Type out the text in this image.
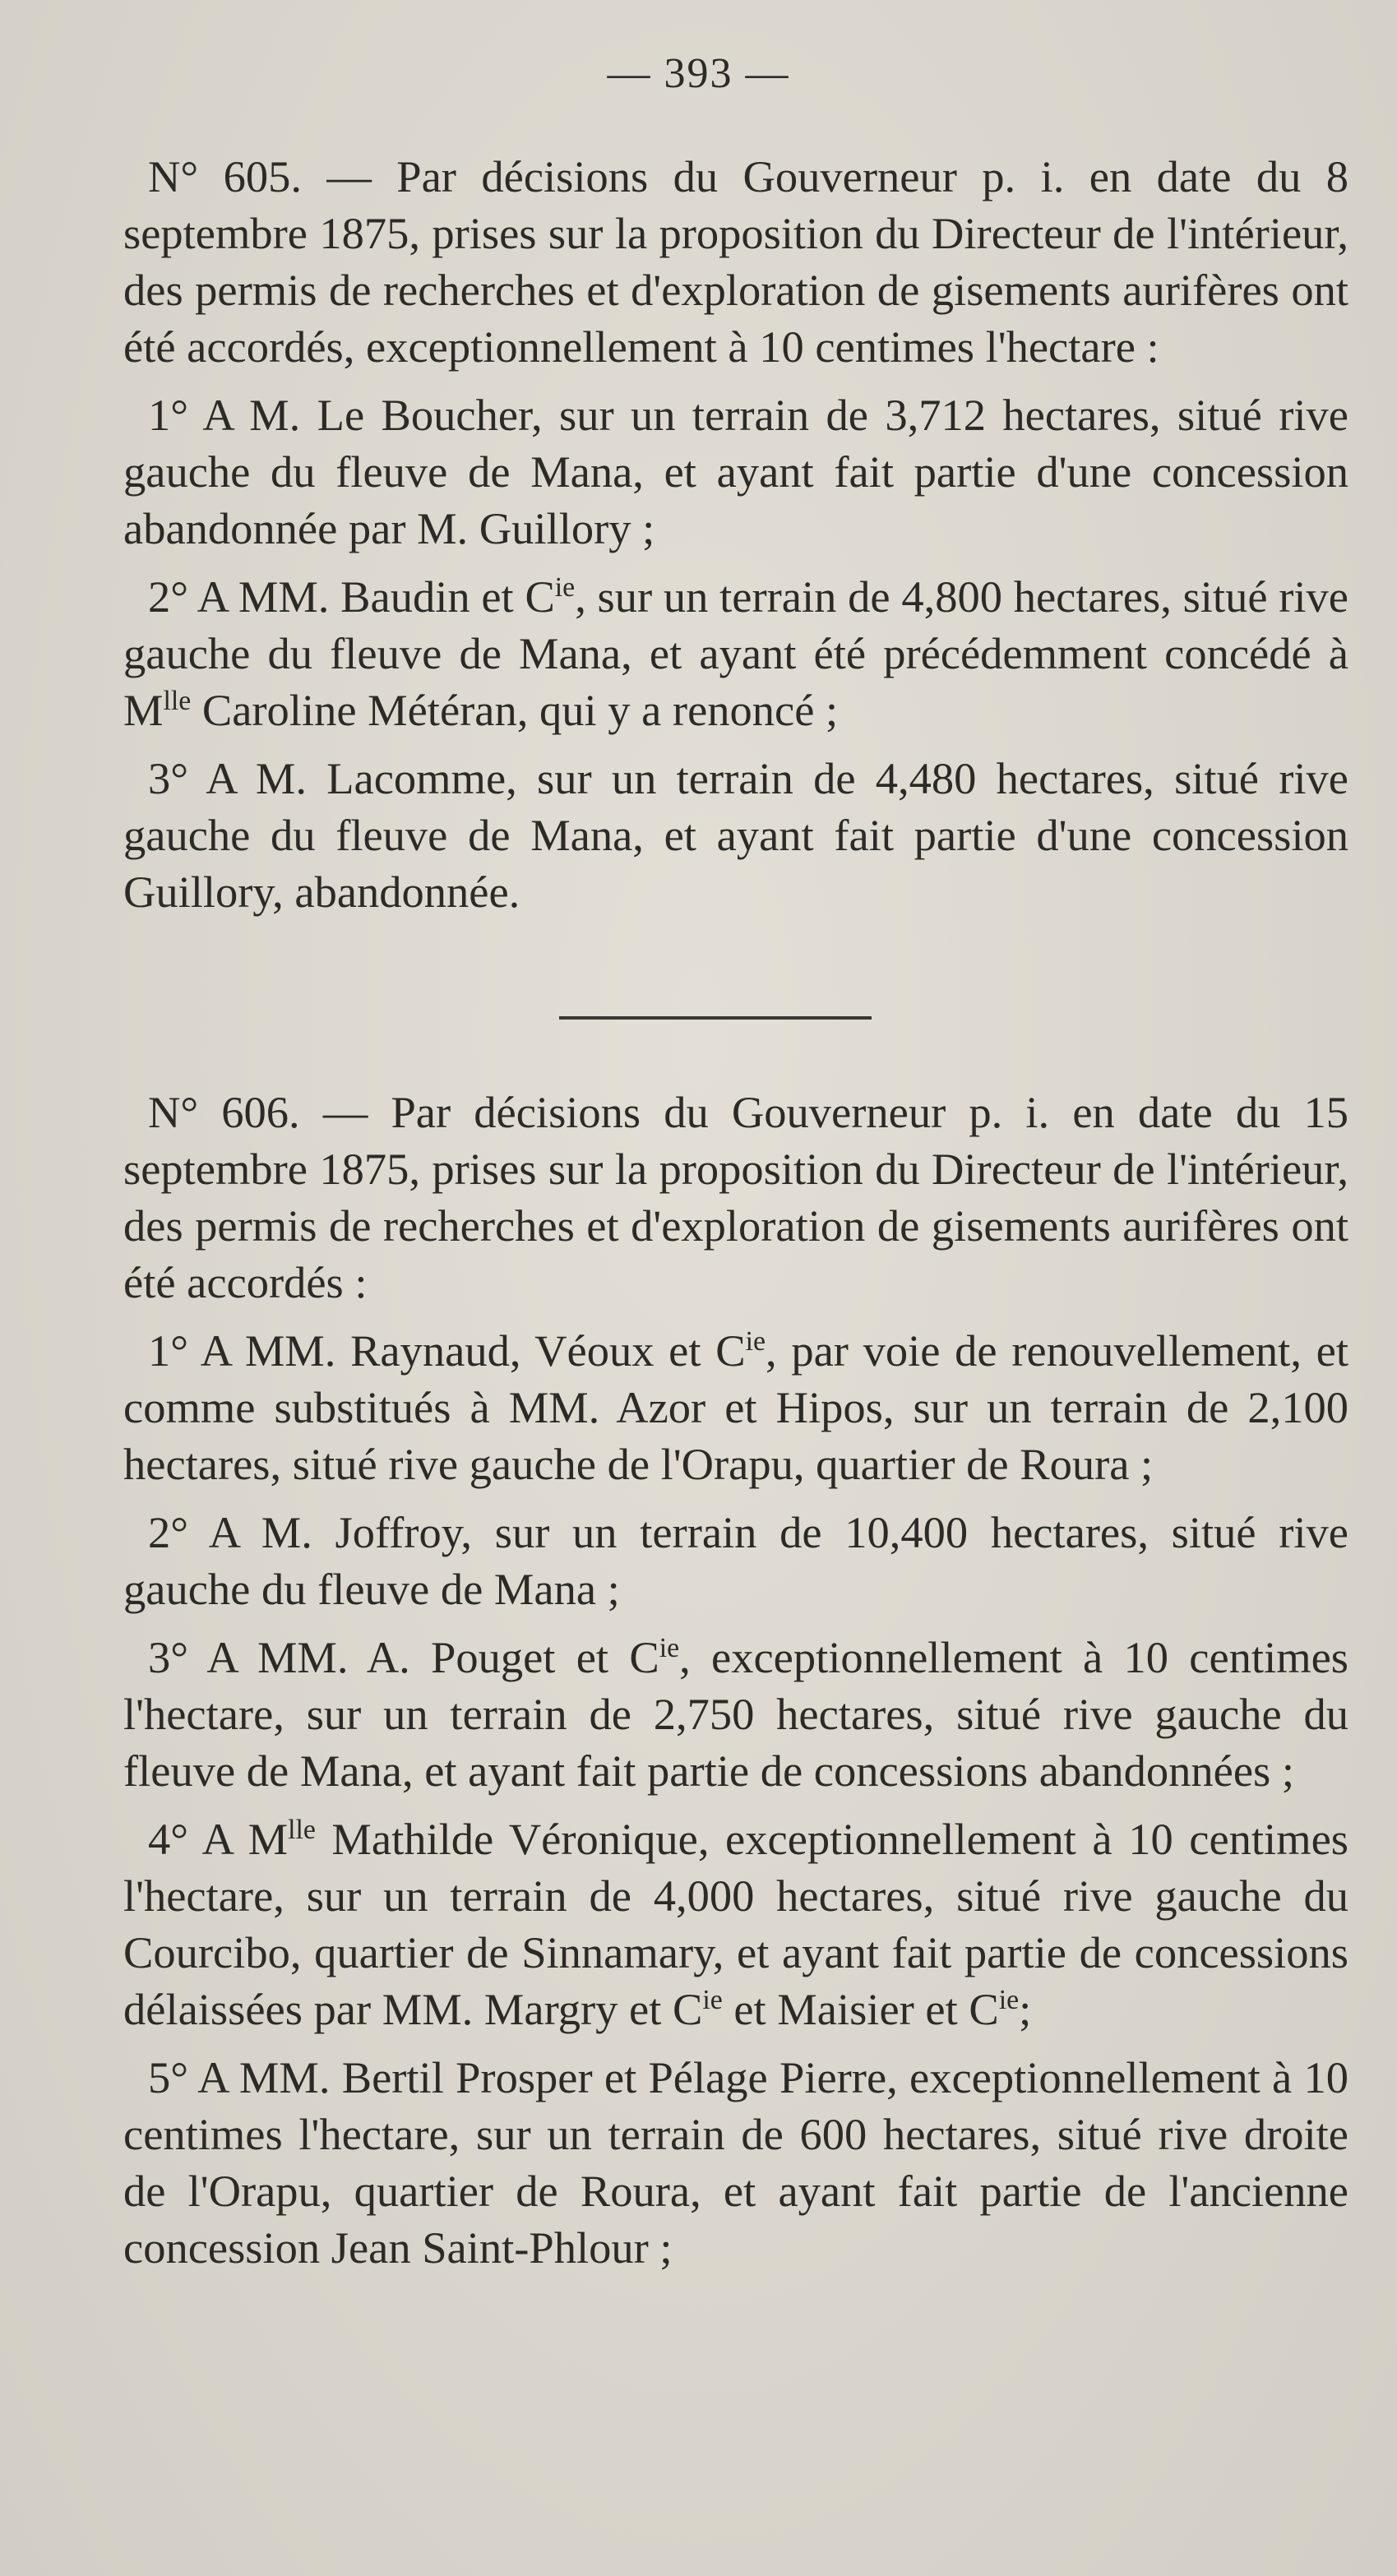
— 393 —

N° 605. — Par décisions du Gouverneur p. i. en date du 8 septembre 1875, prises sur la proposition du Directeur de l'intérieur, des permis de recherches et d'exploration de gisements aurifères ont été accordés, exceptionnellement à 10 centimes l'hectare :

1° A M. Le Boucher, sur un terrain de 3,712 hectares, situé rive gauche du fleuve de Mana, et ayant fait partie d'une concession abandonnée par M. Guillory ;

2° A MM. Baudin et $C^{ie}$, sur un terrain de 4,800 hectares, situé rive gauche du fleuve de Mana, et ayant été précédemment concédé à $M^{lle}$ Caroline Météran, qui y a renoncé ;

3° A M. Lacomme, sur un terrain de 4,480 hectares, situé rive gauche du fleuve de Mana, et ayant fait partie d'une concession Guillory, abandonnée.

N° 606. — Par décisions du Gouverneur p. i. en date du 15 septembre 1875, prises sur la proposition du Directeur de l'intérieur, des permis de recherches et d'exploration de gisements aurifères ont été accordés :

1° A MM. Raynaud, Véoux et $C^{ie}$, par voie de renouvellement, et comme substitués à MM. Azor et Hipos, sur un terrain de 2,100 hectares, situé rive gauche de l'Orapu, quartier de Roura ;

2° A M. Joffroy, sur un terrain de 10,400 hectares, situé rive gauche du fleuve de Mana ;

3° A MM. A. Pouget et $C^{ie}$, exceptionnellement à 10 centimes l'hectare, sur un terrain de 2,750 hectares, situé rive gauche du fleuve de Mana, et ayant fait partie de concessions abandonnées ;

4° A $M^{lle}$ Mathilde Véronique, exceptionnellement à 10 centimes l'hectare, sur un terrain de 4,000 hectares, situé rive gauche du Courcibo, quartier de Sinnamary, et ayant fait partie de concessions délaissées par MM. Margry et $C^{ie}$ et Maisier et $C^{ie}$;

5° A MM. Bertil Prosper et Pélage Pierre, exceptionnellement à 10 centimes l'hectare, sur un terrain de 600 hectares, situé rive droite de l'Orapu, quartier de Roura, et ayant fait partie de l'ancienne concession Jean Saint-Phlour ;
